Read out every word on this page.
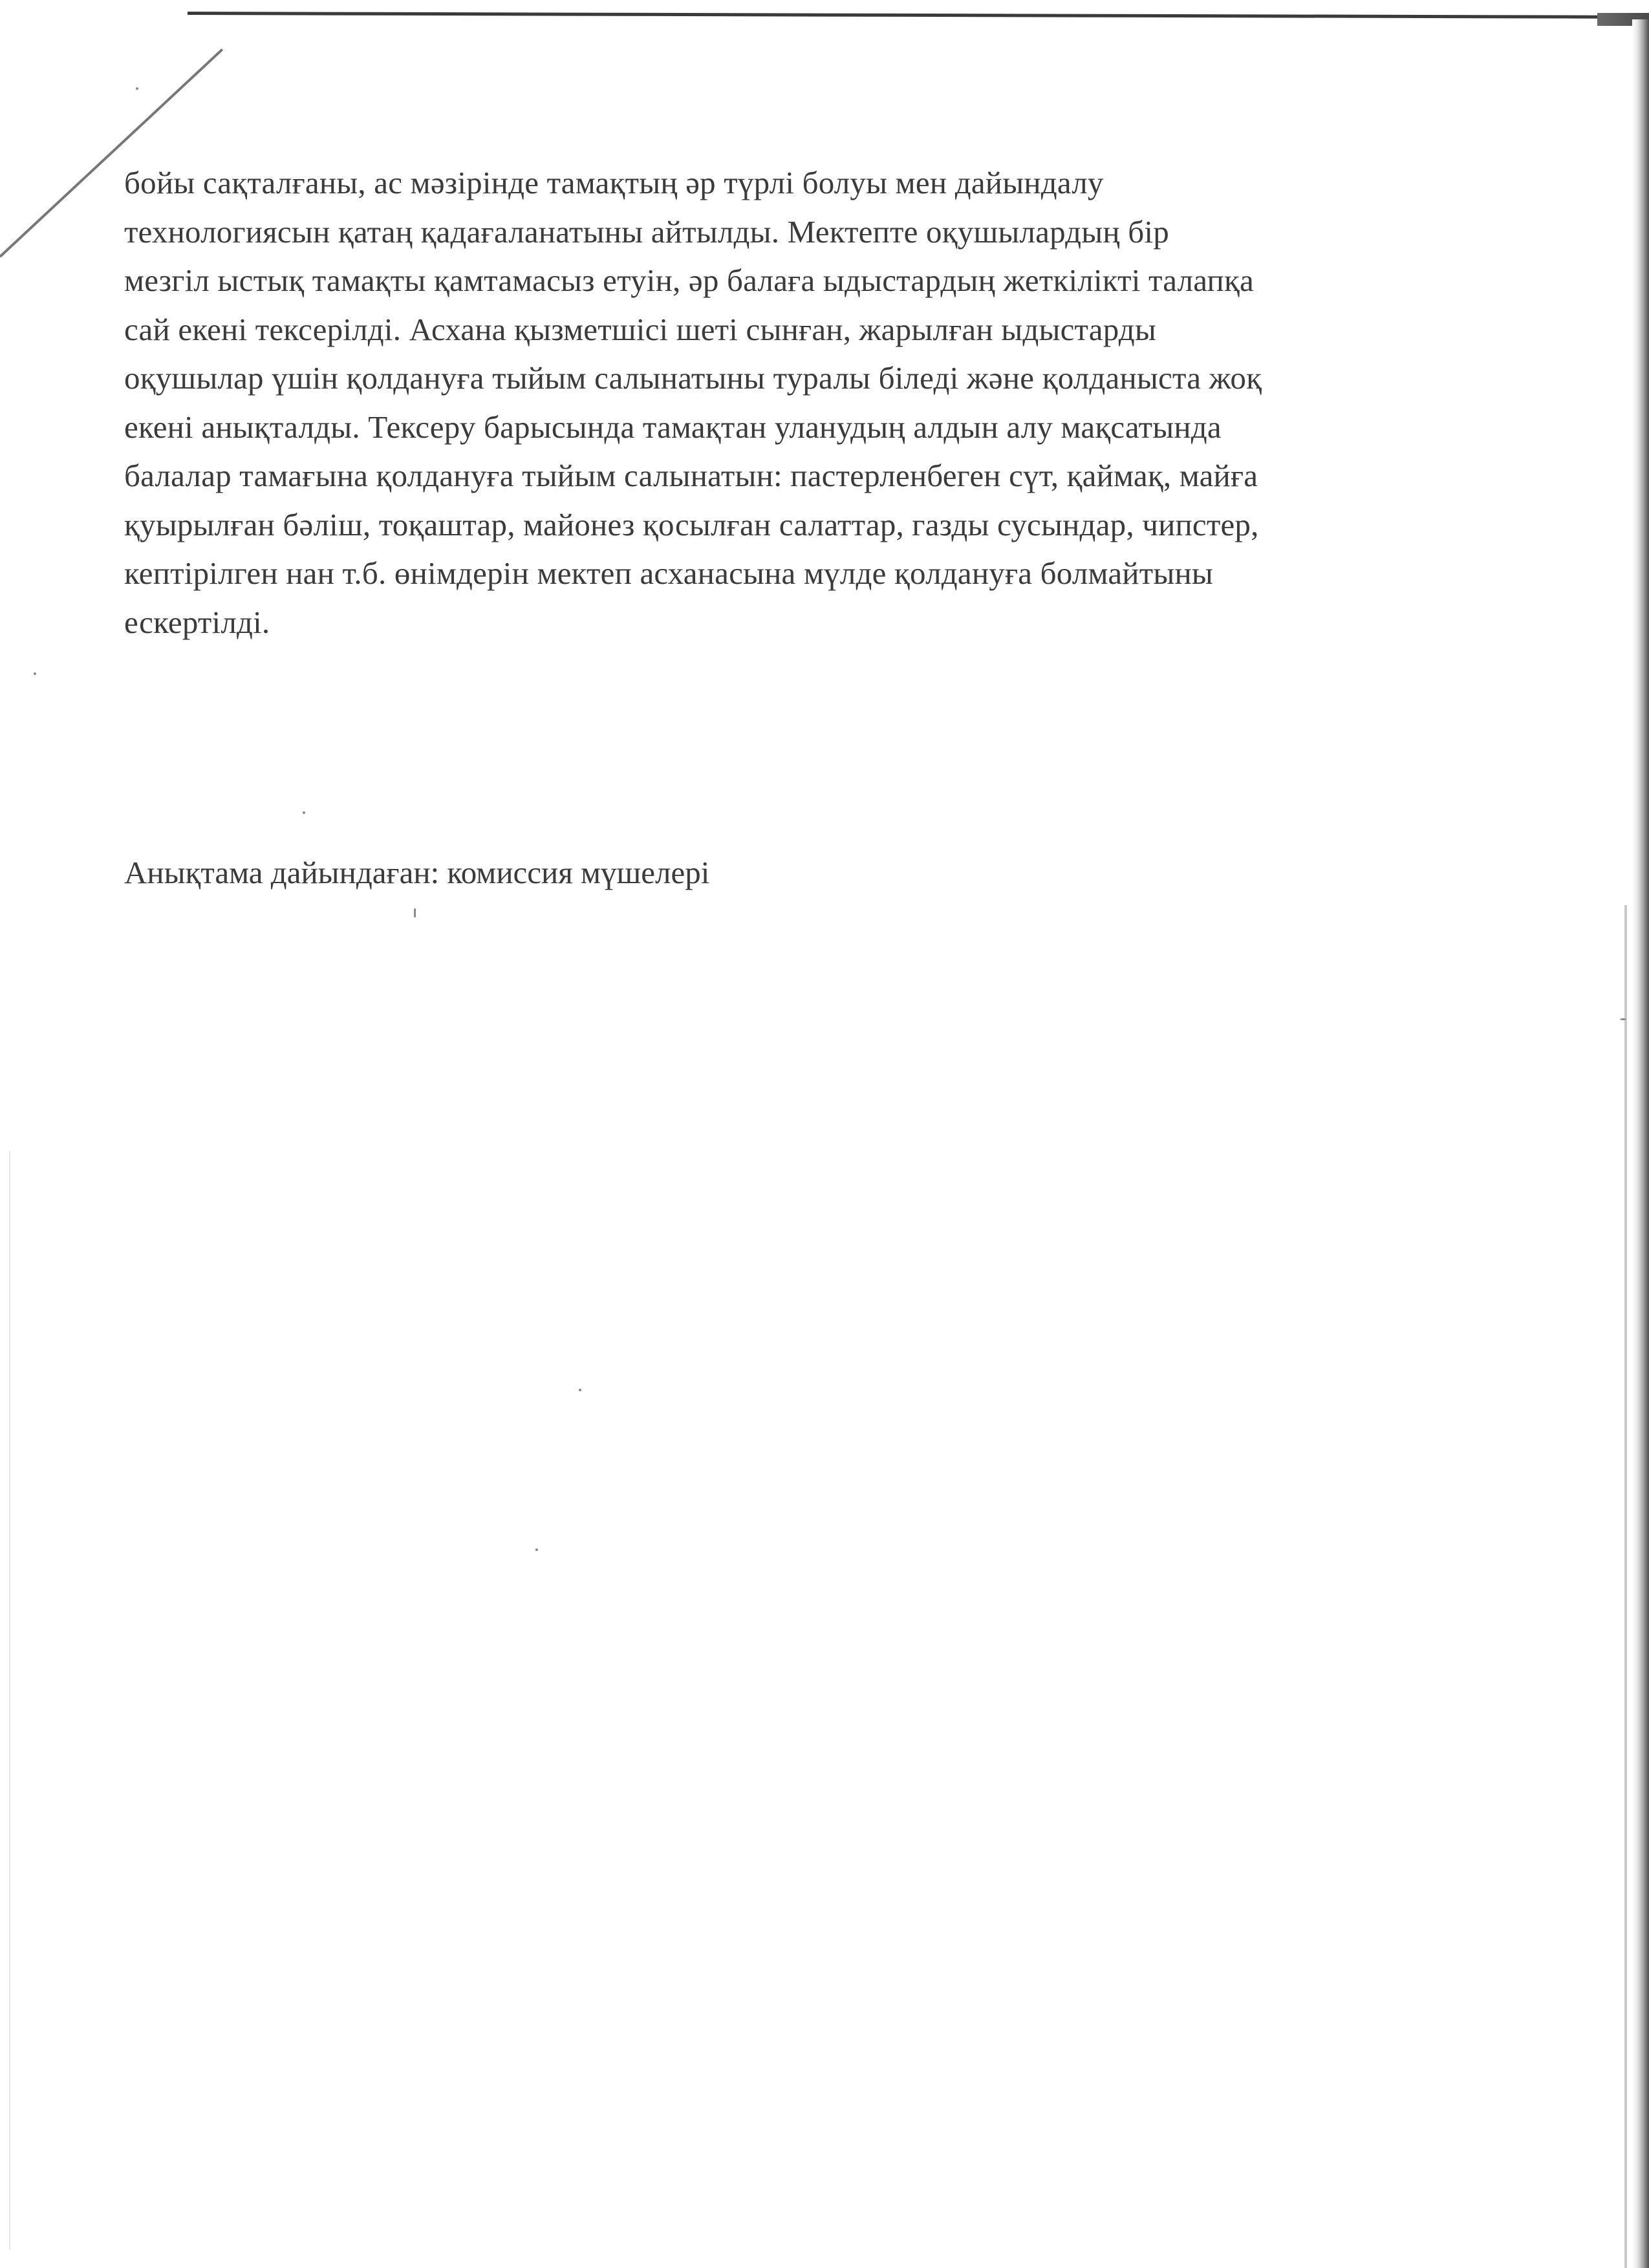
бойы сақталғаны, ас мәзірінде тамақтың әр түрлі болуы мен дайындалу
технологиясын қатаң қадағаланатыны айтылды. Мектепте оқушылардың бір
мезгіл ыстық тамақты қамтамасыз етуін, әр балаға ыдыстардың жеткілікті талапқа
сай екені тексерілді. Асхана қызметшісі шеті сынған, жарылған ыдыстарды
оқушылар үшін қолдануға тыйым салынатыны туралы біледі және қолданыста жоқ
екені анықталды. Тексеру барысында тамақтан уланудың алдын алу мақсатында
балалар тамағына қолдануға тыйым салынатын: пастерленбеген сүт, қаймақ, майға
қуырылған бәліш, тоқаштар, майонез қосылған салаттар, газды сусындар, чипстер,
кептірілген нан т.б. өнімдерін мектеп асханасына мүлде қолдануға болмайтыны
ескертілді.

Анықтама дайындаған: комиссия мүшелері
